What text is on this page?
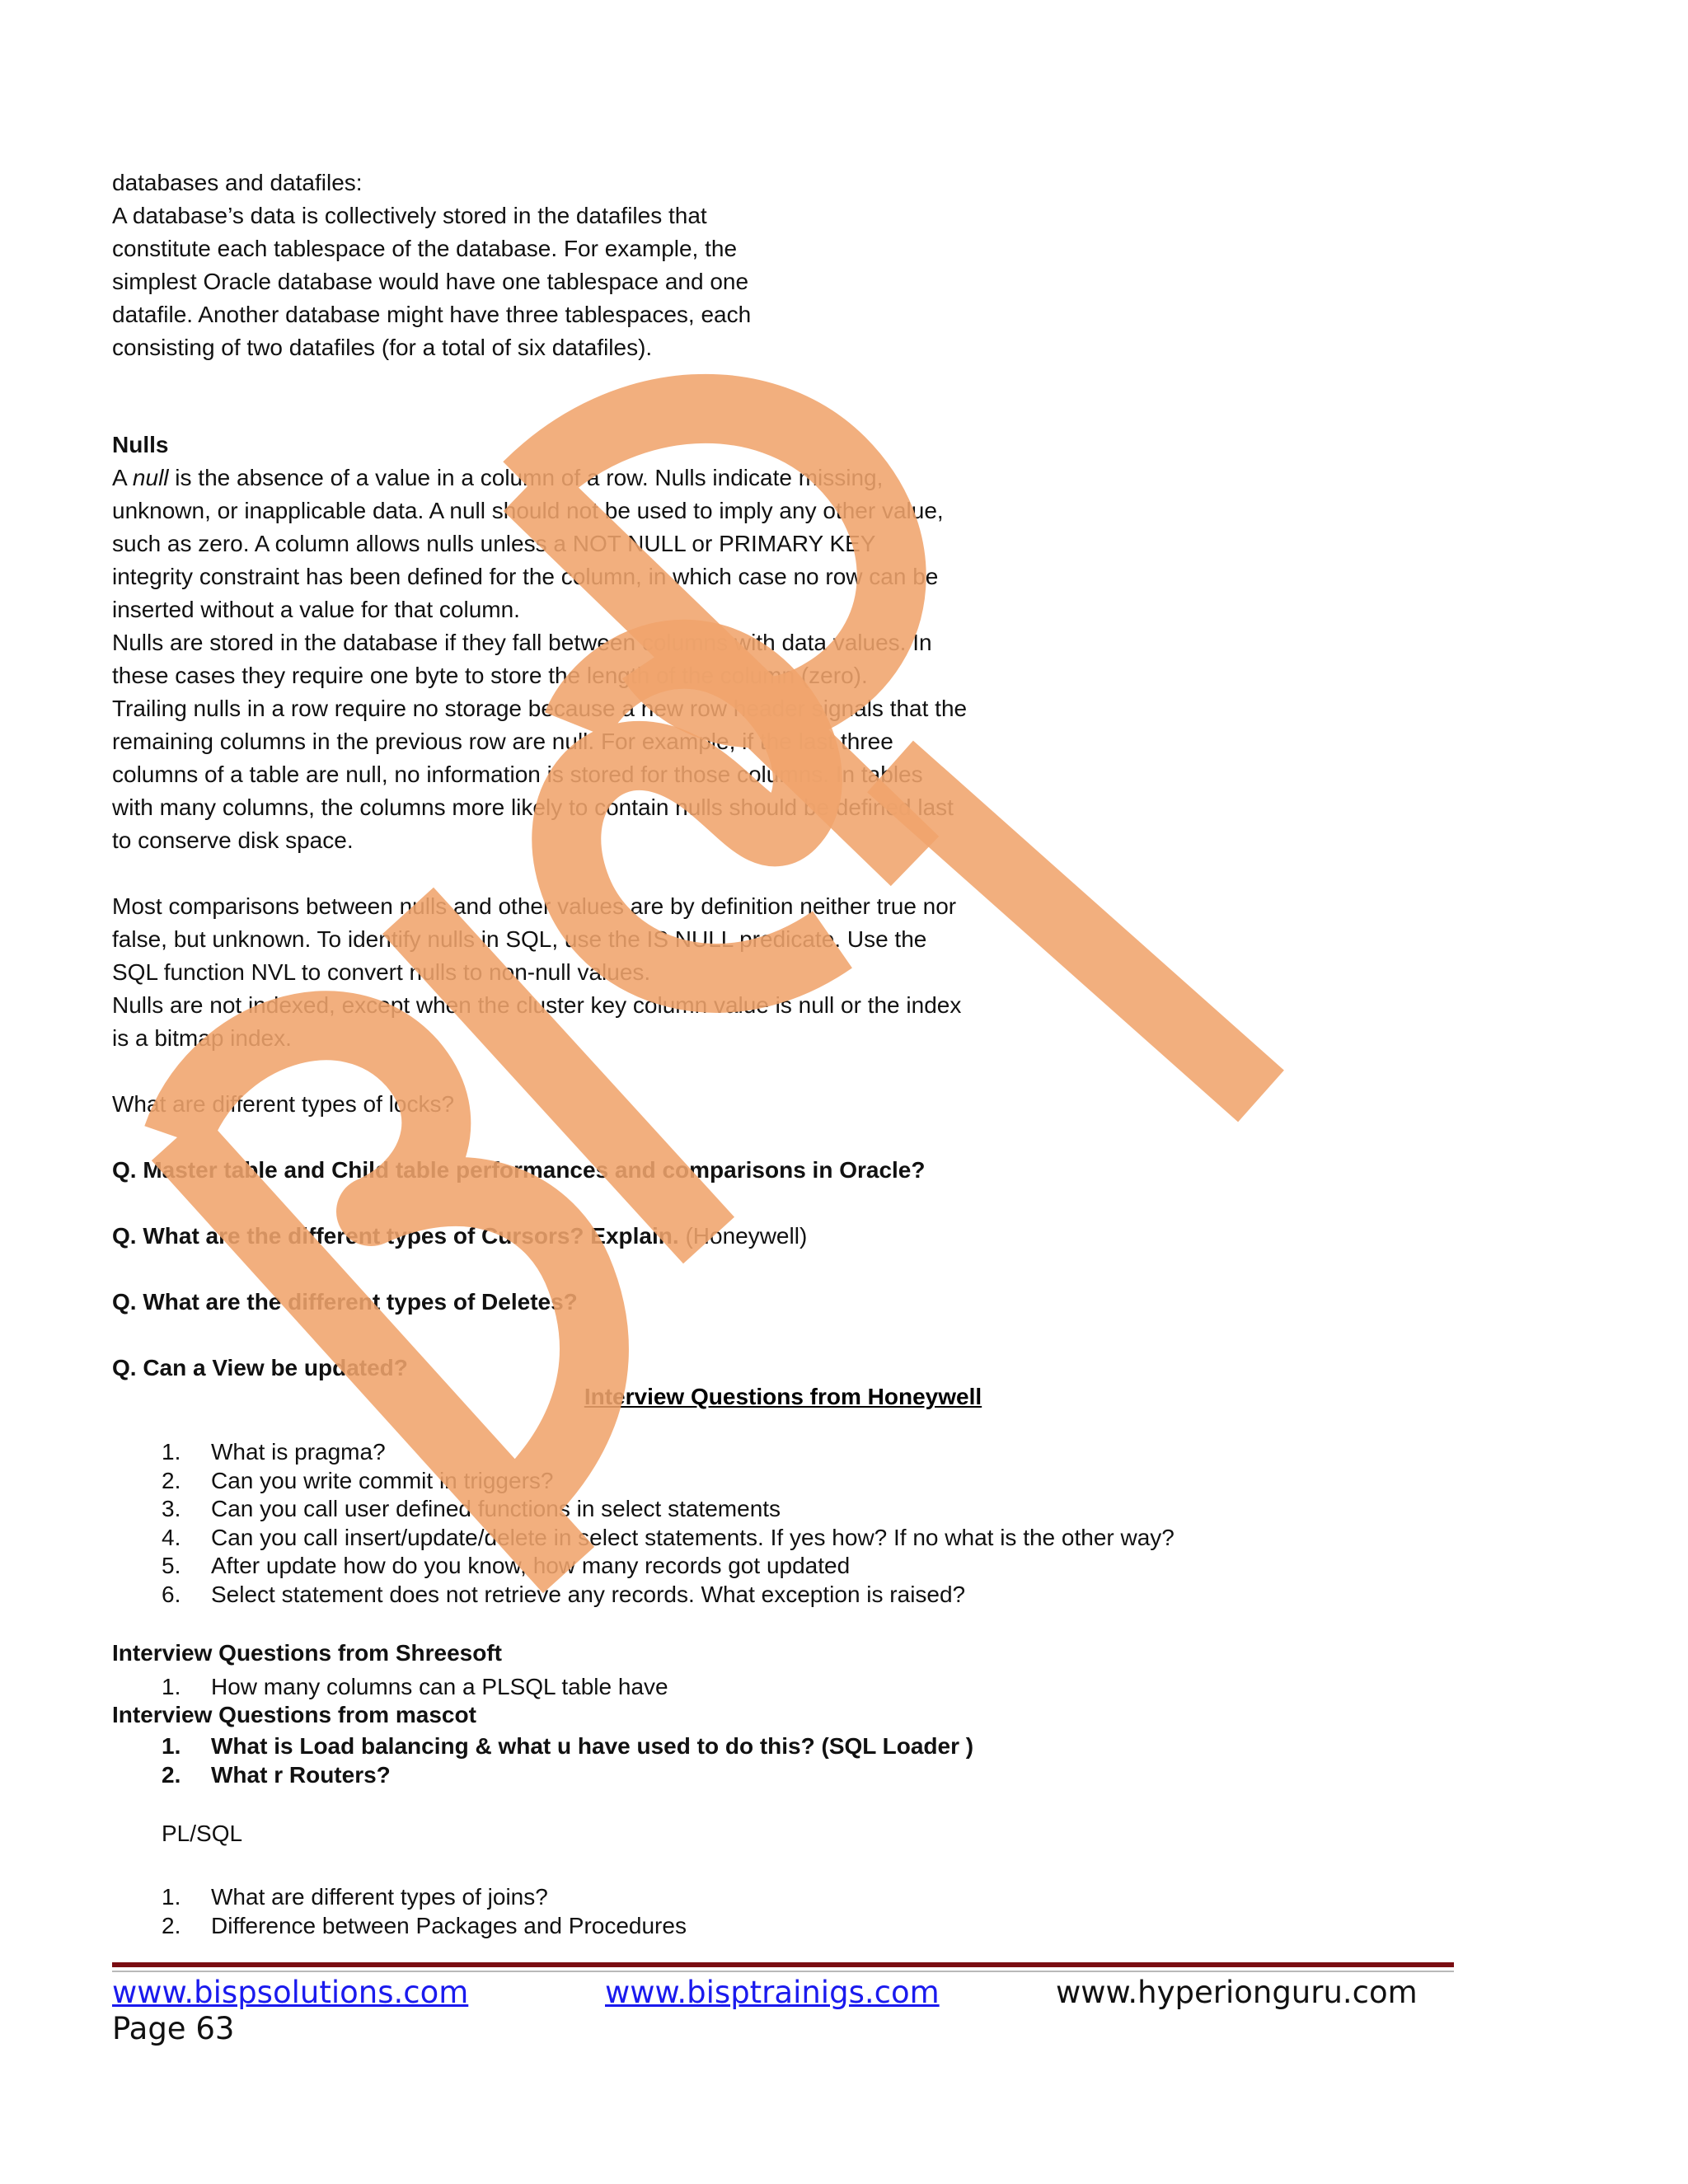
databases and datafiles:
A database’s data is collectively stored in the datafiles that
constitute each tablespace of the database. For example, the
simplest Oracle database would have one tablespace and one
datafile. Another database might have three tablespaces, each
consisting of two datafiles (for a total of six datafiles).
Nulls
A null is the absence of a value in a column of a row. Nulls indicate missing,
unknown, or inapplicable data. A null should not be used to imply any other value,
such as zero. A column allows nulls unless a NOT NULL or PRIMARY KEY
integrity constraint has been defined for the column, in which case no row can be
inserted without a value for that column.
Nulls are stored in the database if they fall between columns with data values. In
these cases they require one byte to store the length of the column (zero).
Trailing nulls in a row require no storage because a new row header signals that the
remaining columns in the previous row are null. For example, if the last three
columns of a table are null, no information is stored for those columns. In tables
with many columns, the columns more likely to contain nulls should be defined last
to conserve disk space.
Most comparisons between nulls and other values are by definition neither true nor
false, but unknown. To identify nulls in SQL, use the IS NULL predicate. Use the
SQL function NVL to convert nulls to non-null values.
Nulls are not indexed, except when the cluster key column value is null or the index
is a bitmap index.
What are different types of locks?
Q. Master table and Child table performances and comparisons in Oracle?
Q. What are the different types of Cursors? Explain. (Honeywell)
Q. What are the different types of Deletes?
Q. Can a View be updated?
Interview Questions from Honeywell
1. What is pragma?
2. Can you write commit in triggers?
3. Can you call user defined functions in select statements
4. Can you call insert/update/delete in select statements. If yes how? If no what is the other way?
5. After update how do you know, how many records got updated
6. Select statement does not retrieve any records. What exception is raised?
Interview Questions from Shreesoft
1. How many columns can a PLSQL table have
Interview Questions from mascot
1. What is Load balancing & what u have used to do this? (SQL Loader )
2. What r Routers?
PL/SQL
1. What are different types of joins?
2. Difference between Packages and Procedures
www.bispsolutions.com	www.bisptrainigs.com	www.hyperionguru.com
Page 63
